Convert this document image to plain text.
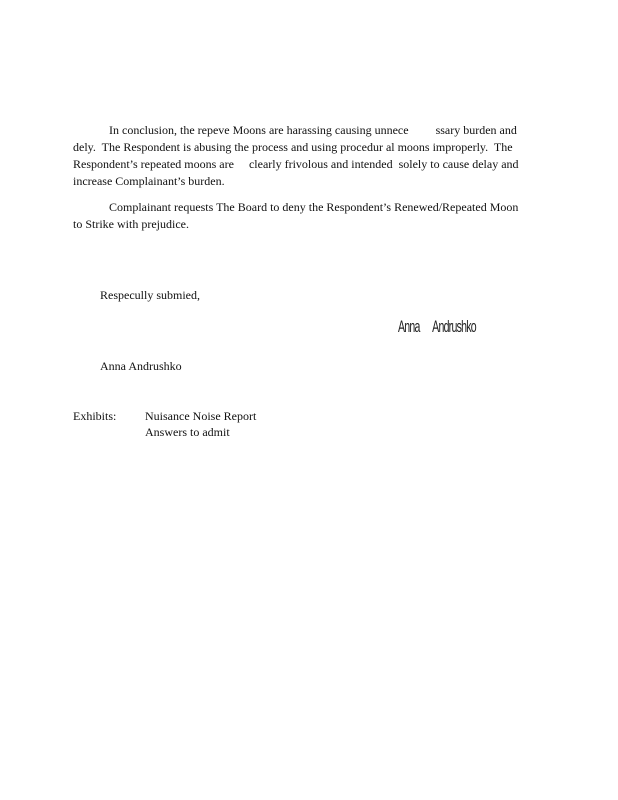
In conclusion, the repeve Moons are harassing causing unnece         ssary burden and
dely.  The Respondent is abusing the process and using procedur al moons improperly.  The
Respondent’s repeated moons are     clearly frivolous and intended  solely to cause delay and
increase Complainant’s burden.
Complainant requests The Board to deny the Respondent’s Renewed/Repeated Moon
to Strike with prejudice.
Respecully submied,
Anna      Andrushko
Anna Andrushko
Exhibits: Nuisance Noise Report
Answers to admit
